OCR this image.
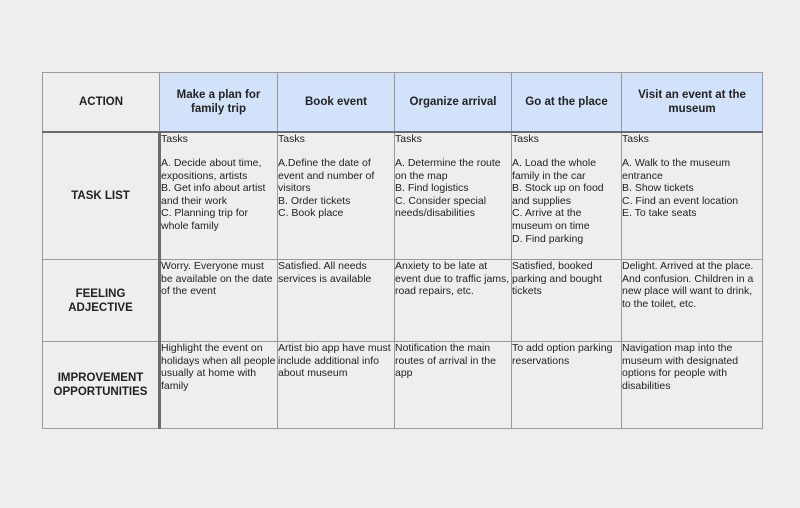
ACTION	Make a plan for family trip	Book event	Organize arrival	Go at the place	Visit an event at the museum
TASK LIST	Tasks
A. Decide about time, expositions, artists
B. Get info about artist and their work
C. Planning trip for whole family	Tasks
A.Define the date of event and number of visitors
B. Order tickets
C. Book place	Tasks
A. Determine the route on the map
B. Find logistics
C. Consider special needs/disabilities	Tasks
A. Load the whole family in the car
B. Stock up on food and supplies
C. Arrive at the museum on time
D. Find parking	Tasks
A. Walk to the museum entrance
B. Show tickets
C. Find an event location
E. To take seats

FEELING
ADJECTIVE	Worry. Everyone must be available on the date of the event	Satisfied. All needs services is available	Anxiety to be late at event due to traffic jams, road repairs, etc.	Satisfied, booked parking and bought tickets	Delight. Arrived at the place.
And confusion. Children in a new place will want to drink, to the toilet, etc.

IMPROVEMENT
OPPORTUNITIES	Highlight the event on holidays when all people usually at home with family	Artist bio app have must include additional info about museum	Notification the main routes of arrival in the app	To add option parking reservations	Navigation map into the museum with designated options for people with disabilities
